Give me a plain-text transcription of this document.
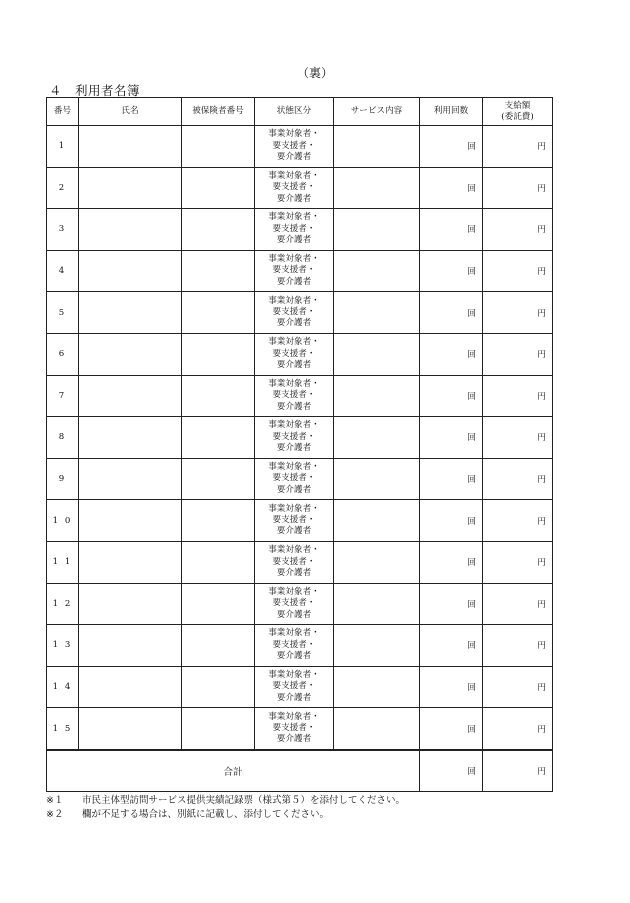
（裏）
４　利用者名簿
番号	氏名	被保険者番号	状態区分	サービス内容	利用回数	支給額
(委託費)

1			事業対象者・
要支援者・
要介護者		回	円
2			事業対象者・
要支援者・
要介護者		回	円
3			事業対象者・
要支援者・
要介護者		回	円
4			事業対象者・
要支援者・
要介護者		回	円
5			事業対象者・
要支援者・
要介護者		回	円
6			事業対象者・
要支援者・
要介護者		回	円
7			事業対象者・
要支援者・
要介護者		回	円
8			事業対象者・
要支援者・
要介護者		回	円
9			事業対象者・
要支援者・
要介護者		回	円
1 0			事業対象者・
要支援者・
要介護者		回	円
1 1			事業対象者・
要支援者・
要介護者		回	円
1 2			事業対象者・
要支援者・
要介護者		回	円
1 3			事業対象者・
要支援者・
要介護者		回	円
1 4			事業対象者・
要支援者・
要介護者		回	円
1 5			事業対象者・
要支援者・
要介護者		回	円
合計					回	円
※１ 市民主体型訪問サービス提供実績記録票（様式第５）を添付してください。
※２ 欄が不足する場合は、別紙に記載し、添付してください。
